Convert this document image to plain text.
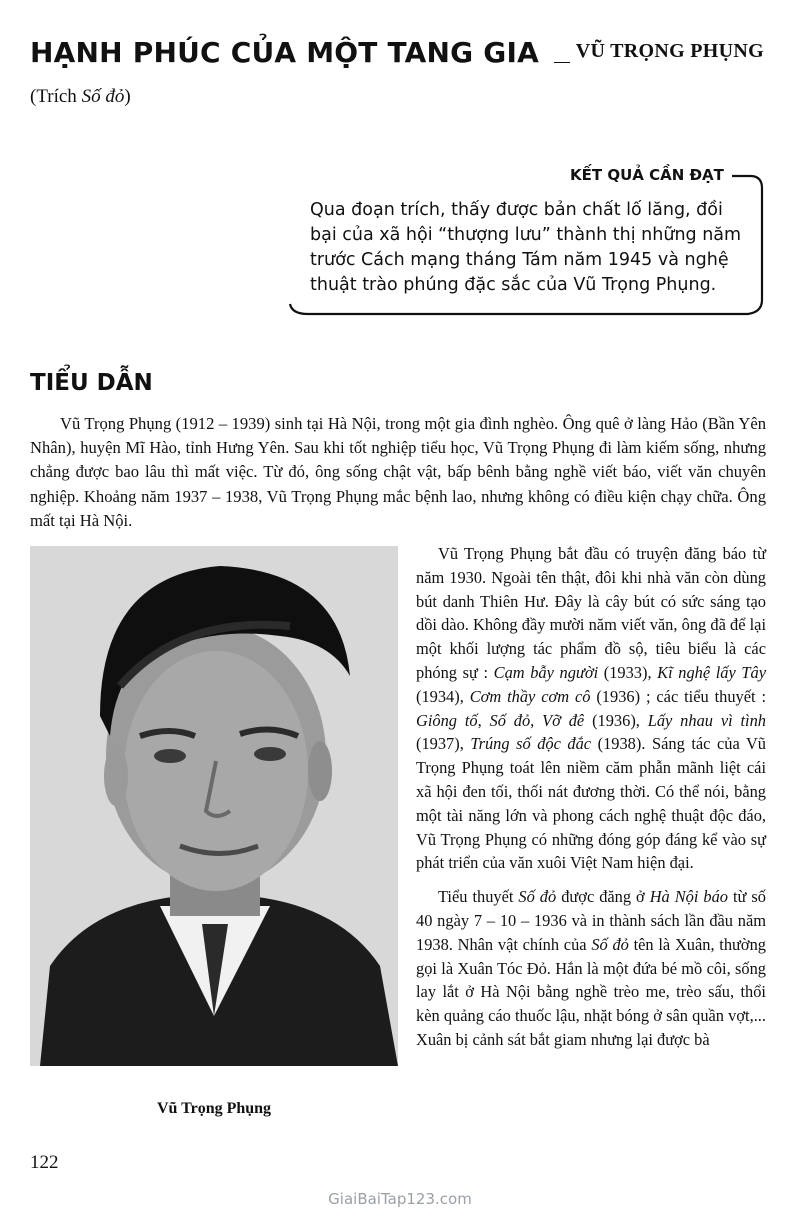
HẠNH PHÚC CỦA MỘT TANG GIA	VŨ TRỌNG PHỤNG
(Trích Số đỏ)
KẾT QUẢ CẦN ĐẠT
Qua đoạn trích, thấy được bản chất lố lăng, đồi bại của xã hội “thượng lưu” thành thị những năm trước Cách mạng tháng Tám năm 1945 và nghệ thuật trào phúng đặc sắc của Vũ Trọng Phụng.
TIỂU DẪN

Vũ Trọng Phụng (1912 – 1939) sinh tại Hà Nội, trong một gia đình nghèo. Ông quê ở làng Hảo (Bần Yên Nhân), huyện Mĩ Hào, tỉnh Hưng Yên. Sau khi tốt nghiệp tiểu học, Vũ Trọng Phụng đi làm kiếm sống, nhưng chẳng được bao lâu thì mất việc. Từ đó, ông sống chật vật, bấp bênh bằng nghề viết báo, viết văn chuyên nghiệp. Khoảng năm 1937 – 1938, Vũ Trọng Phụng mắc bệnh lao, nhưng không có điều kiện chạy chữa. Ông mất tại Hà Nội.

Vũ Trọng Phụng

Vũ Trọng Phụng bắt đầu có truyện đăng báo từ năm 1930. Ngoài tên thật, đôi khi nhà văn còn dùng bút danh Thiên Hư. Đây là cây bút có sức sáng tạo dồi dào. Không đầy mười năm viết văn, ông đã để lại một khối lượng tác phẩm đồ sộ, tiêu biểu là các phóng sự : Cạm bẫy người (1933), Kĩ nghệ lấy Tây (1934), Cơm thầy cơm cô (1936) ; các tiểu thuyết : Giông tố, Số đỏ, Vỡ đê (1936), Lấy nhau vì tình (1937), Trúng số độc đắc (1938). Sáng tác của Vũ Trọng Phụng toát lên niềm căm phẫn mãnh liệt cái xã hội đen tối, thối nát đương thời. Có thể nói, bằng một tài năng lớn và phong cách nghệ thuật độc đáo, Vũ Trọng Phụng có những đóng góp đáng kể vào sự phát triển của văn xuôi Việt Nam hiện đại.

Tiểu thuyết Số đỏ được đăng ở Hà Nội báo từ số 40 ngày 7 – 10 – 1936 và in thành sách lần đầu năm 1938. Nhân vật chính của Số đỏ tên là Xuân, thường gọi là Xuân Tóc Đỏ. Hắn là một đứa bé mồ côi, sống lay lắt ở Hà Nội bằng nghề trèo me, trèo sấu, thổi kèn quảng cáo thuốc lậu, nhặt bóng ở sân quần vợt,... Xuân bị cảnh sát bắt giam nhưng lại được bà

122
GiaiBaiTap123.com
